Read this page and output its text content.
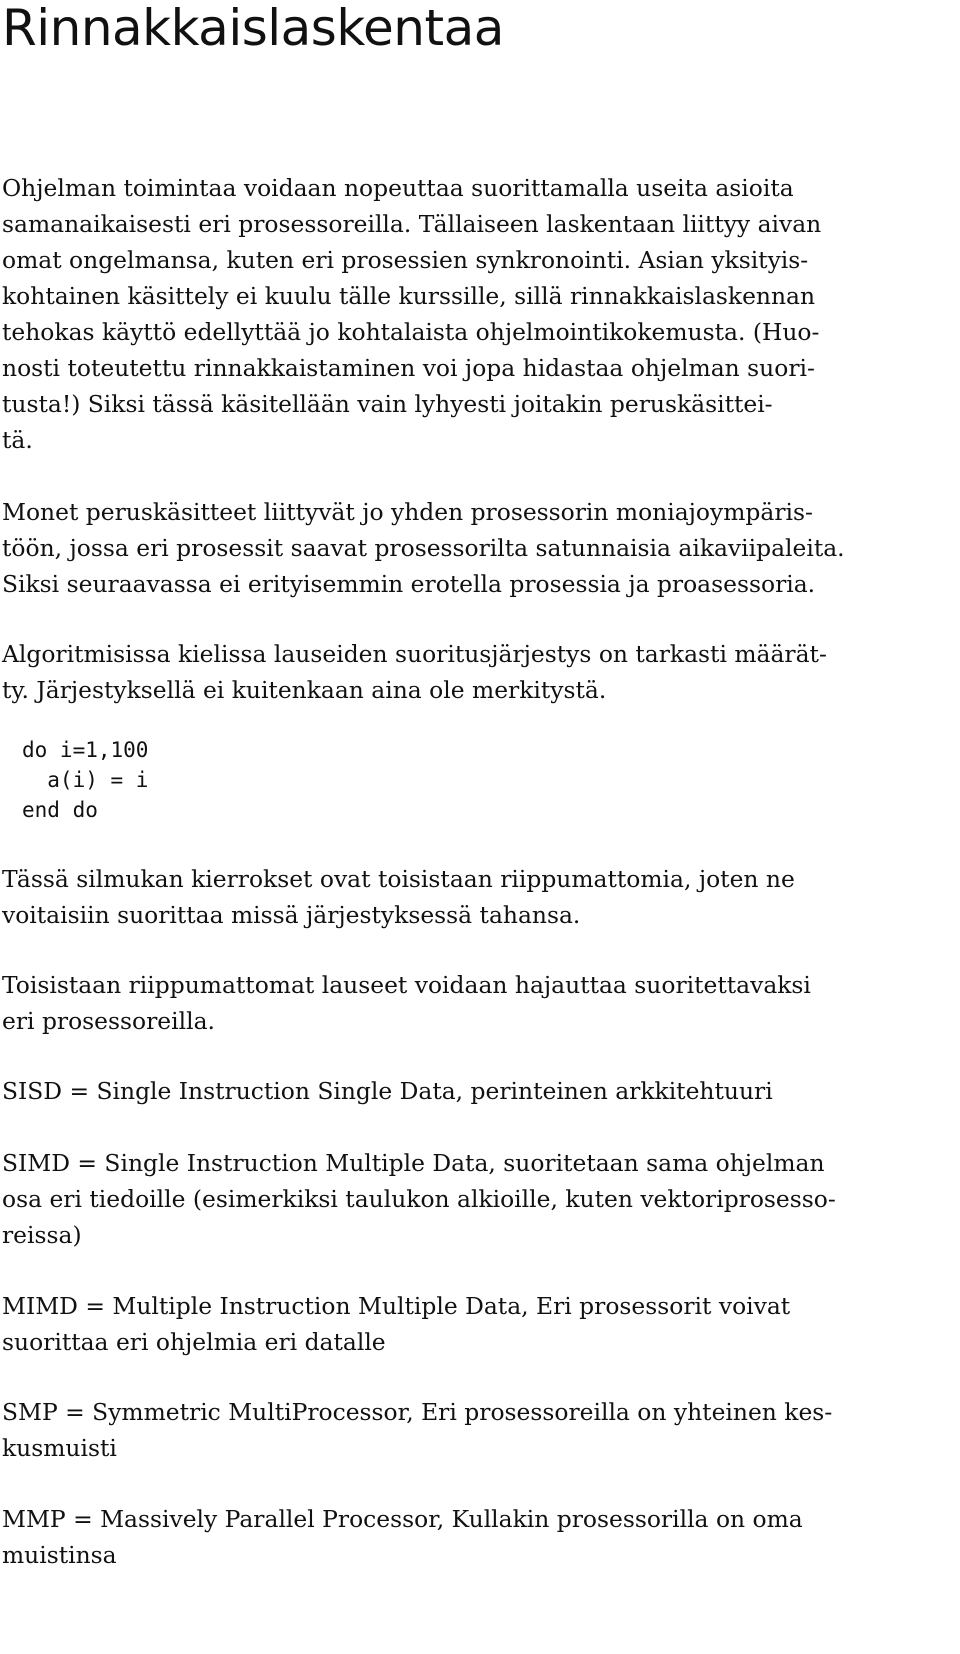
Rinnakkaislaskentaa

Ohjelman toimintaa voidaan nopeuttaa suorittamalla useita asioita

samanaikaisesti eri prosessoreilla. Tällaiseen laskentaan liittyy aivan

omat ongelmansa, kuten eri prosessien synkronointi. Asian yksityis-

kohtainen käsittely ei kuulu tälle kurssille, sillä rinnakkaislaskennan

tehokas käyttö edellyttää jo kohtalaista ohjelmointikokemusta. (Huo-

nosti toteutettu rinnakkaistaminen voi jopa hidastaa ohjelman suori-

tusta!) Siksi tässä käsitellään vain lyhyesti joitakin peruskäsittei-

tä.

Monet peruskäsitteet liittyvät jo yhden prosessorin moniajoympäris-

töön, jossa eri prosessit saavat prosessorilta satunnaisia aikaviipaleita.

Siksi seuraavassa ei erityisemmin erotella prosessia ja proasessoria.

Algoritmisissa kielissa lauseiden suoritusjärjestys on tarkasti määrät-

ty. Järjestyksellä ei kuitenkaan aina ole merkitystä.

do i=1,100
a(i) = i
end do

Tässä silmukan kierrokset ovat toisistaan riippumattomia, joten ne

voitaisiin suorittaa missä järjestyksessä tahansa.

Toisistaan riippumattomat lauseet voidaan hajauttaa suoritettavaksi

eri prosessoreilla.

SISD = Single Instruction Single Data, perinteinen arkkitehtuuri

SIMD = Single Instruction Multiple Data, suoritetaan sama ohjelman

osa eri tiedoille (esimerkiksi taulukon alkioille, kuten vektoriprosesso-

reissa)

MIMD = Multiple Instruction Multiple Data, Eri prosessorit voivat

suorittaa eri ohjelmia eri datalle

SMP = Symmetric MultiProcessor, Eri prosessoreilla on yhteinen kes-

kusmuisti

MMP = Massively Parallel Processor, Kullakin prosessorilla on oma

muistinsa
